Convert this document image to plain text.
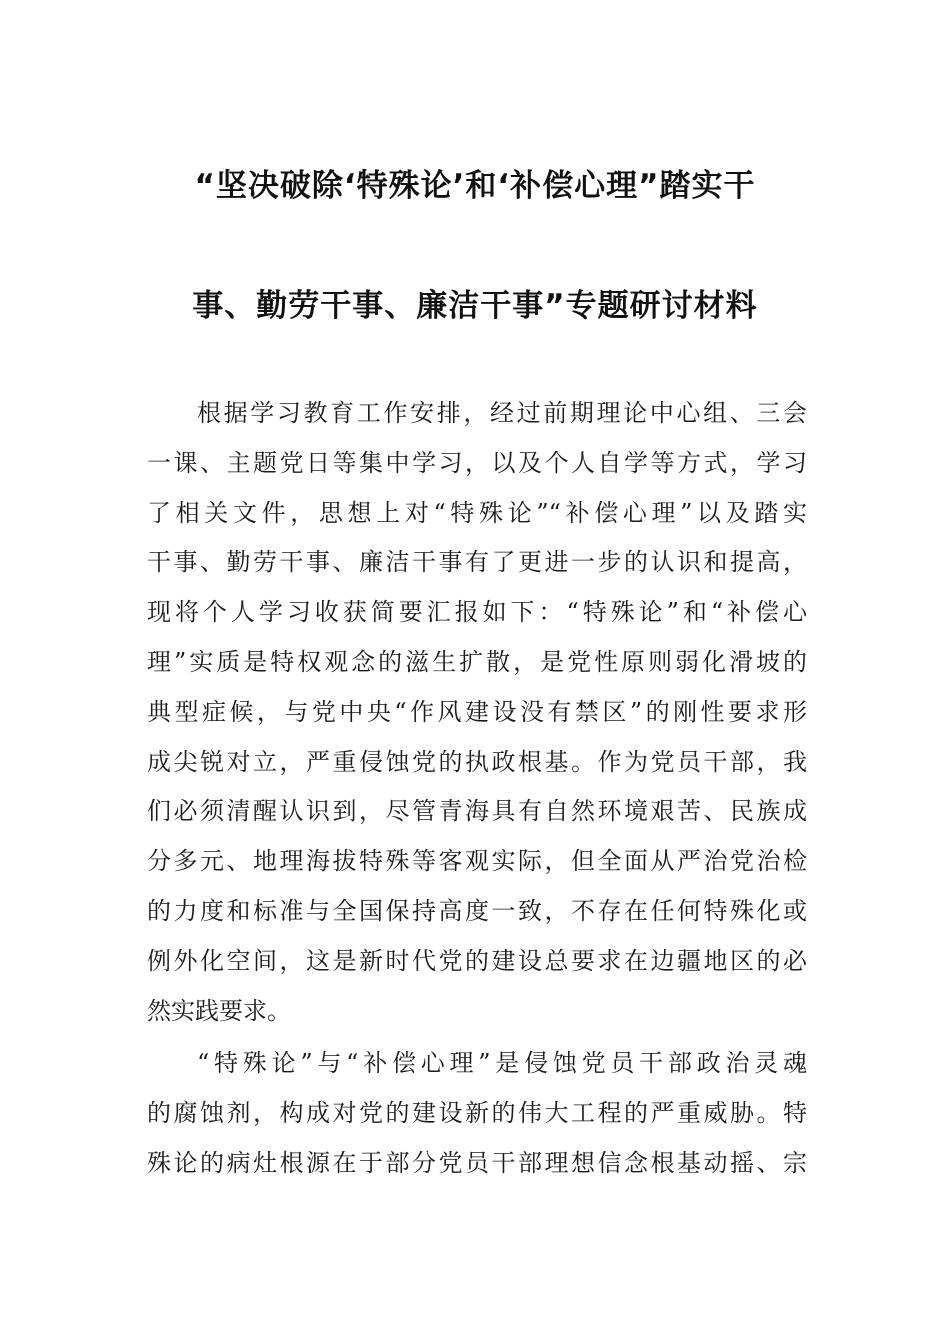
“坚决破除‘特殊论’和‘补偿心理”踏实干
事、勤劳干事、廉洁干事”专题研讨材料
根据学习教育工作安排，经过前期理论中心组、三会
一课、主题党日等集中学习，以及个人自学等方式，学习
了相关文件，思想上对“特殊论”“补偿心理”以及踏实
干事、勤劳干事、廉洁干事有了更进一步的认识和提高，
现将个人学习收获简要汇报如下：“特殊论”和“补偿心
理”实质是特权观念的滋生扩散，是党性原则弱化滑坡的
典型症候，与党中央“作风建设没有禁区”的刚性要求形
成尖锐对立，严重侵蚀党的执政根基。作为党员干部，我
们必须清醒认识到，尽管青海具有自然环境艰苦、民族成
分多元、地理海拔特殊等客观实际，但全面从严治党治检
的力度和标准与全国保持高度一致，不存在任何特殊化或
例外化空间，这是新时代党的建设总要求在边疆地区的必
然实践要求。
“特殊论”与“补偿心理”是侵蚀党员干部政治灵魂
的腐蚀剂，构成对党的建设新的伟大工程的严重威胁。特
殊论的病灶根源在于部分党员干部理想信念根基动摇、宗
